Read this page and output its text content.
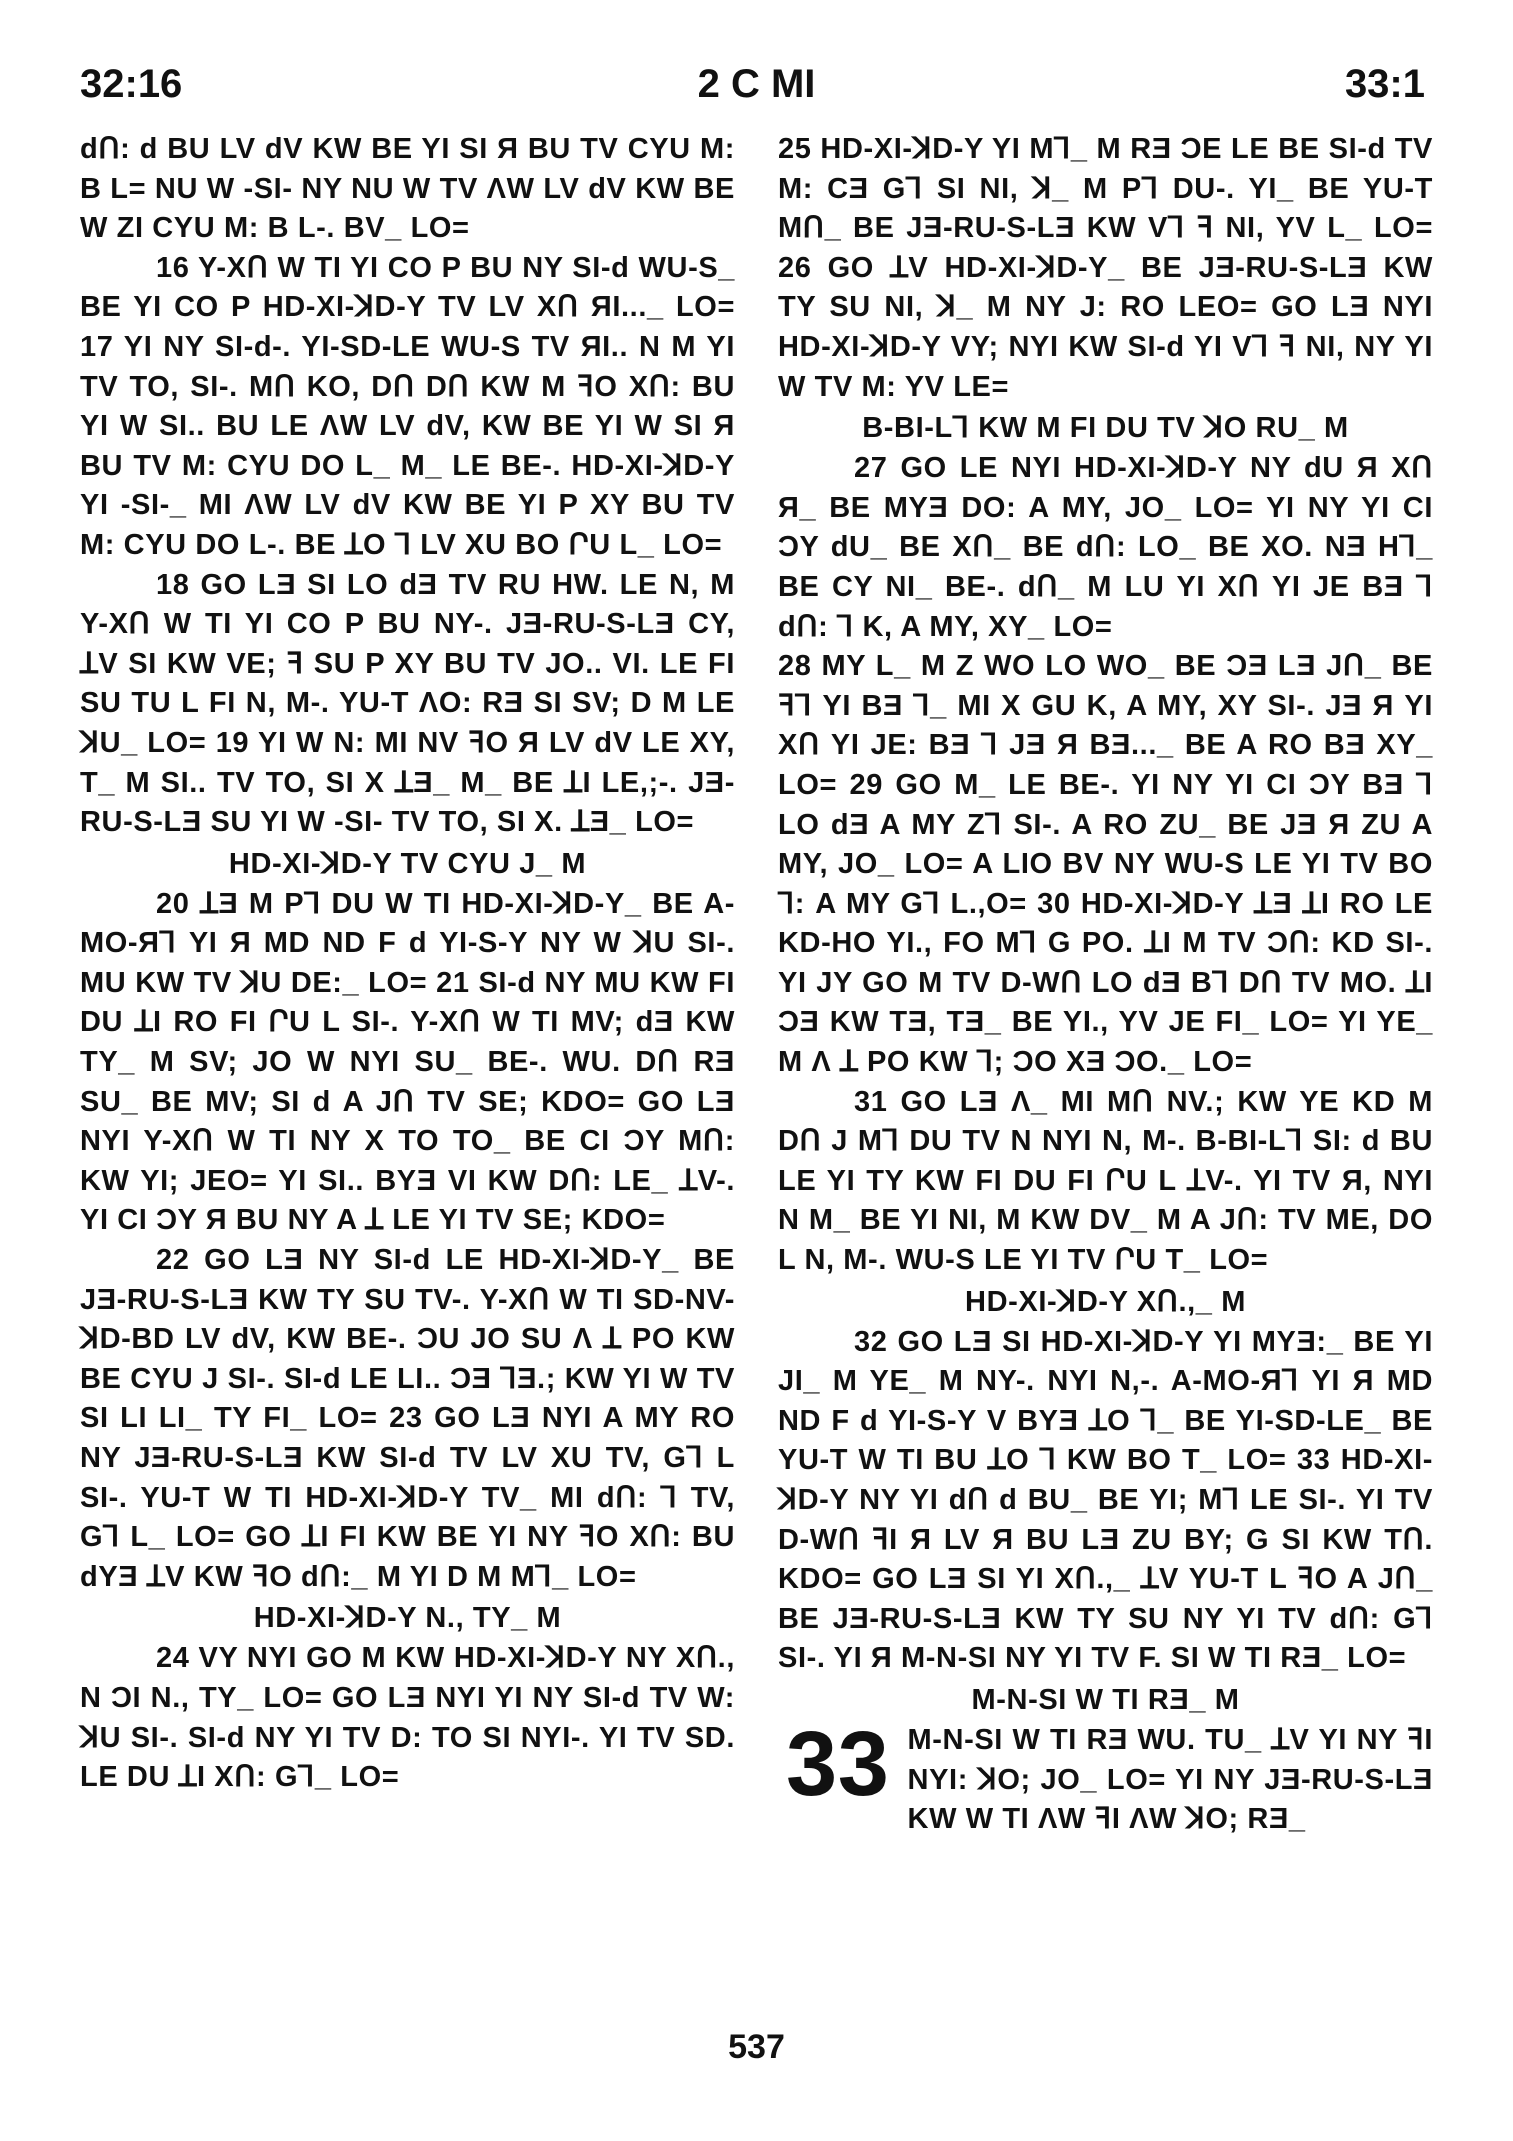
32:16	2 C MI	33:1

dՈ: d BU LV dV KW BE YI SI Я BU TV CYU M: B L= NU W -SI- NY NU W TV ΛW LV dV KW BE W ZI CYU M: B L-. BV_ LO=

16 Y-XՈ W TI YI CO P BU NY SI-d WU-S_ BE YI CO P HD-XI-ꓘD-Y TV LV XՈ ЯI..._ LO= 17 YI NY SI-d-. YI-SD-LE WU-S TV ЯI.. N M YI TV TO, SI-. MՈ KO, DՈ DՈ KW M ꟻO XՈ: BU YI W SI.. BU LE ΛW LV dV, KW BE YI W SI Я BU TV M: CYU DO L_ M_ LE BE-. HD-XI-ꓘD-Y YI -SI-_ MI ΛW LV dV KW BE YI P XY BU TV M: CYU DO L-. BE ꓕO ꓶ LV XU BO ՐU L_ LO=

18 GO LƎ SI LO dƎ TV RU HW. LE N, M Y-XՈ W TI YI CO P BU NY-. JƎ-RU-S-LƎ CY, ꓕV SI KW VE; ꟻ SU P XY BU TV JO.. VI. LE FI SU TU L FI N, M-. YU-T ΛO: RƎ SI SV; D M LE ꓘU_ LO= 19 YI W N: MI NV ꟻO Я LV dV LE XY, T_ M SI.. TV TO, SI X ꓕƎ_ M_ BE ꓕI LE,;-. JƎ-RU-S-LƎ SU YI W -SI- TV TO, SI X. ꓕƎ_ LO=

HD-XI-ꓘD-Y TV CYU J_ M

20 ꓕƎ M Pꓶ DU W TI HD-XI-ꓘD-Y_ BE A-MO-Яꓶ YI Я MD ND F d YI-S-Y NY W ꓘU SI-. MU KW TV ꓘU DE:_ LO= 21 SI-d NY MU KW FI DU ꓕI RO FI ՐU L SI-. Y-XՈ W TI MV; dƎ KW TY_ M SV; JO W NYI SU_ BE-. WU. DՈ RƎ SU_ BE MV; SI d A JՈ TV SE; KDO= GO LƎ NYI Y-XՈ W TI NY X TO TO_ BE CI ƆY MՈ: KW YI; JEO= YI SI.. BYƎ VI KW DՈ: LE_ ꓕV-. YI CI ƆY Я BU NY A ꓕ LE YI TV SE; KDO=

22 GO LƎ NY SI-d LE HD-XI-ꓘD-Y_ BE JƎ-RU-S-LƎ KW TY SU TV-. Y-XՈ W TI SD-NV-ꓘD-BD LV dV, KW BE-. ƆU JO SU Λ ꓕ PO KW BE CYU J SI-. SI-d LE LI.. ƆƎ ꓶƎ.; KW YI W TV SI LI LI_ TY FI_ LO= 23 GO LƎ NYI A MY RO NY JƎ-RU-S-LƎ KW SI-d TV LV XU TV, Gꓶ L SI-. YU-T W TI HD-XI-ꓘD-Y TV_ MI dՈ: ꓶ TV, Gꓶ L_ LO= GO ꓕI FI KW BE YI NY ꟻO XՈ: BU dYƎ ꓕV KW ꟻO dՈ:_ M YI D M Mꓶ_ LO=

HD-XI-ꓘD-Y N., TY_ M

24 VY NYI GO M KW HD-XI-ꓘD-Y NY XՈ., N ƆI N., TY_ LO= GO LƎ NYI YI NY SI-d TV W: ꓘU SI-. SI-d NY YI TV D: TO SI NYI-. YI TV SD. LE DU ꓕI XՈ: Gꓶ_ LO=

25 HD-XI-ꓘD-Y YI Mꓶ_ M RƎ ƆE LE BE SI-d TV M: CƎ Gꓶ SI NI, ꓘ_ M Pꓶ DU-. YI_ BE YU-T MՈ_ BE JƎ-RU-S-LƎ KW Vꓶ ꟻ NI, YV L_ LO= 26 GO ꓕV HD-XI-ꓘD-Y_ BE JƎ-RU-S-LƎ KW TY SU NI, ꓘ_ M NY J: RO LEO= GO LƎ NYI HD-XI-ꓘD-Y VY; NYI KW SI-d YI Vꓶ ꟻ NI, NY YI W TV M: YV LE=

B-BI-Lꓶ KW M FI DU TV ꓘO RU_ M

27 GO LE NYI HD-XI-ꓘD-Y NY dU Я XՈ Я_ BE MYƎ DO: A MY, JO_ LO= YI NY YI CI ƆY dU_ BE XՈ_ BE dՈ: LO_ BE XO. NƎ Hꓶ_ BE CY NI_ BE-. dՈ_ M LU YI XՈ YI JE BƎ ꓶ dՈ: ꓶ K, A MY, XY_ LO=

28 MY L_ M Z WO LO WO_ BE ƆƎ LƎ JՈ_ BE ꟻꓶ YI BƎ ꓶ_ MI X GU K, A MY, XY SI-. JƎ Я YI XՈ YI JE: BƎ ꓶ JƎ Я BƎ..._ BE A RO BƎ XY_ LO= 29 GO M_ LE BE-. YI NY YI CI ƆY BƎ ꓶ LO dƎ A MY Zꓶ SI-. A RO ZU_ BE JƎ Я ZU A MY, JO_ LO= A LIO BV NY WU-S LE YI TV BO ꓶ: A MY Gꓶ L.,O= 30 HD-XI-ꓘD-Y ꓕƎ ꓕI RO LE KD-HO YI., FO Mꓶ G PO. ꓕI M TV ƆՈ: KD SI-. YI JY GO M TV D-WՈ LO dƎ Bꓶ DՈ TV MO. ꓕI ƆƎ KW TƎ, TƎ_ BE YI., YV JE FI_ LO= YI YE_ M Λ ꓕ PO KW ꓶ; ƆO XƎ ƆO._ LO=

31 GO LƎ Λ_ MI MՈ NV.; KW YE KD M DՈ J Mꓶ DU TV N NYI N, M-. B-BI-Lꓶ SI: d BU LE YI TY KW FI DU FI ՐU L ꓕV-. YI TV Я, NYI N M_ BE YI NI, M KW DV_ M A JՈ: TV ME, DO L N, M-. WU-S LE YI TV ՐU T_ LO=

HD-XI-ꓘD-Y XՈ.,_ M

32 GO LƎ SI HD-XI-ꓘD-Y YI MYƎ:_ BE YI JI_ M YE_ M NY-. NYI N,-. A-MO-Яꓶ YI Я MD ND F d YI-S-Y V BYƎ ꓕO ꓶ_ BE YI-SD-LE_ BE YU-T W TI BU ꓕO ꓶ KW BO T_ LO= 33 HD-XI-ꓘD-Y NY YI dՈ d BU_ BE YI; Mꓶ LE SI-. YI TV D-WՈ ꟻI Я LV Я BU LƎ ZU BY; G SI KW TՈ. KDO= GO LƎ SI YI XՈ.,_ ꓕV YU-T L ꟻO A JՈ_ BE JƎ-RU-S-LƎ KW TY SU NY YI TV dՈ: Gꓶ SI-. YI Я M-N-SI NY YI TV F. SI W TI RƎ_ LO=

M-N-SI W TI RƎ_ M

33 M-N-SI W TI RƎ WU. TU_ ꓕV YI NY ꟻI NYI: ꓘO; JO_ LO= YI NY JƎ-RU-S-LƎ KW W TI ΛW ꟻI ΛW ꓘO; RƎ_

537
